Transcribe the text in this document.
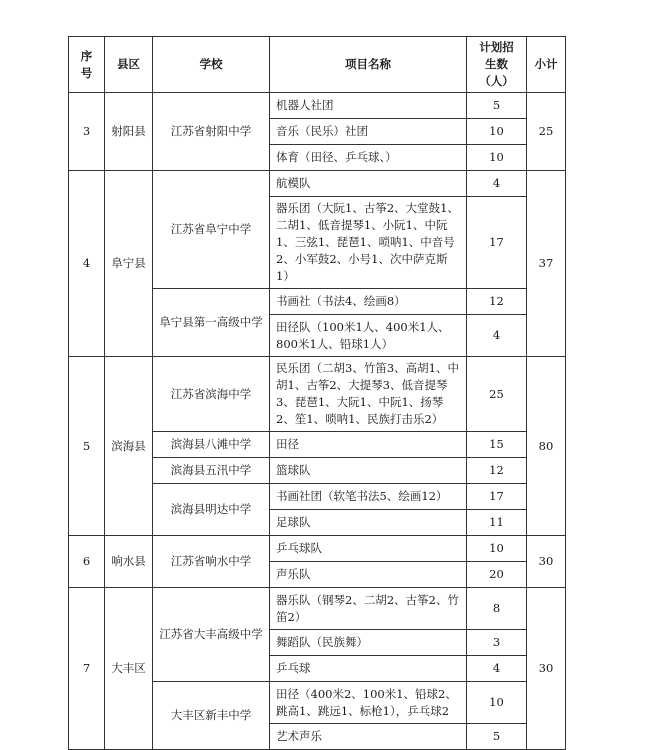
序号	县区	学校	项目名称	计划招生数（人）	小计
3	射阳县	江苏省射阳中学	机器人社团	5	25
			音乐（民乐）社团	10	
			体育（田径、乒乓球、）	10	
4	阜宁县	江苏省阜宁中学	航模队	4	37
			器乐团（大阮1、古筝2、大堂鼓1、二胡1、低音提琴1、小阮1、中阮1、三弦1、琵琶1、唢呐1、中音号2、小军鼓2、小号1、次中萨克斯1）	17	
		阜宁县第一高级中学	书画社（书法4、绘画8）	12	
			田径队（100米1人、400米1人、800米1人、铅球1人）	4	
5	滨海县	江苏省滨海中学	民乐团（二胡3、竹笛3、高胡1、中胡1、古筝2、大提琴3、低音提琴3、琵琶1、大阮1、中阮1、扬琴2、笙1、唢呐1、民族打击乐2）	25	80
		滨海县八滩中学	田径	15	
		滨海县五汛中学	篮球队	12	
		滨海县明达中学	书画社团（软笔书法5、绘画12）	17	
			足球队	11	
6	响水县	江苏省响水中学	乒乓球队	10	30
			声乐队	20	
7	大丰区	江苏省大丰高级中学	器乐队（钢琴2、二胡2、古筝2、竹笛2）	8	30
			舞蹈队（民族舞）	3	
			乒乓球	4	
		大丰区新丰中学	田径（400米2、100米1、铅球2、跳高1、跳远1、标枪1），乒乓球2	10	
			艺术声乐	5	
